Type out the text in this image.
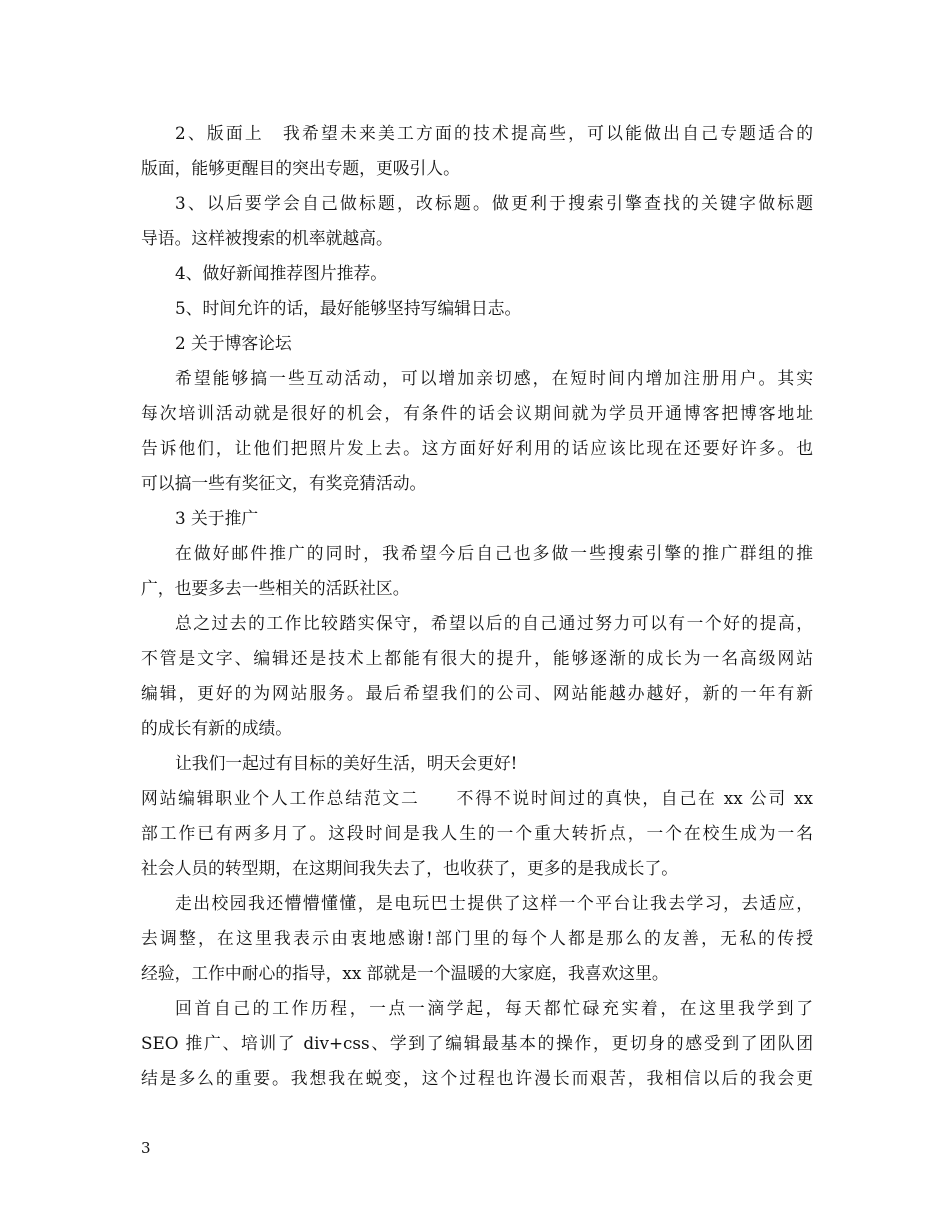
2、版面上　我希望未来美工方面的技术提高些，可以能做出自己专题适合的
版面，能够更醒目的突出专题，更吸引人。
3、以后要学会自己做标题，改标题。做更利于搜索引擎查找的关键字做标题
导语。这样被搜索的机率就越高。
4、做好新闻推荐图片推荐。
5、时间允许的话，最好能够坚持写编辑日志。
2 关于博客论坛
希望能够搞一些互动活动，可以增加亲切感，在短时间内增加注册用户。其实
每次培训活动就是很好的机会，有条件的话会议期间就为学员开通博客把博客地址
告诉他们，让他们把照片发上去。这方面好好利用的话应该比现在还要好许多。也
可以搞一些有奖征文，有奖竞猜活动。
3 关于推广
在做好邮件推广的同时，我希望今后自己也多做一些搜索引擎的推广群组的推
广，也要多去一些相关的活跃社区。
总之过去的工作比较踏实保守，希望以后的自己通过努力可以有一个好的提高，
不管是文字、编辑还是技术上都能有很大的提升，能够逐渐的成长为一名高级网站
编辑，更好的为网站服务。最后希望我们的公司、网站能越办越好，新的一年有新
的成长有新的成绩。
让我们一起过有目标的美好生活，明天会更好!
网站编辑职业个人工作总结范文二　　不得不说时间过的真快，自己在 xx 公司 xx
部工作已有两多月了。这段时间是我人生的一个重大转折点，一个在校生成为一名
社会人员的转型期，在这期间我失去了，也收获了，更多的是我成长了。
走出校园我还懵懵懂懂，是电玩巴士提供了这样一个平台让我去学习，去适应，
去调整，在这里我表示由衷地感谢!部门里的每个人都是那么的友善，无私的传授
经验，工作中耐心的指导，xx 部就是一个温暖的大家庭，我喜欢这里。
回首自己的工作历程，一点一滴学起，每天都忙碌充实着，在这里我学到了
SEO 推广、培训了 div+css、学到了编辑最基本的操作，更切身的感受到了团队团
结是多么的重要。我想我在蜕变，这个过程也许漫长而艰苦，我相信以后的我会更
3
